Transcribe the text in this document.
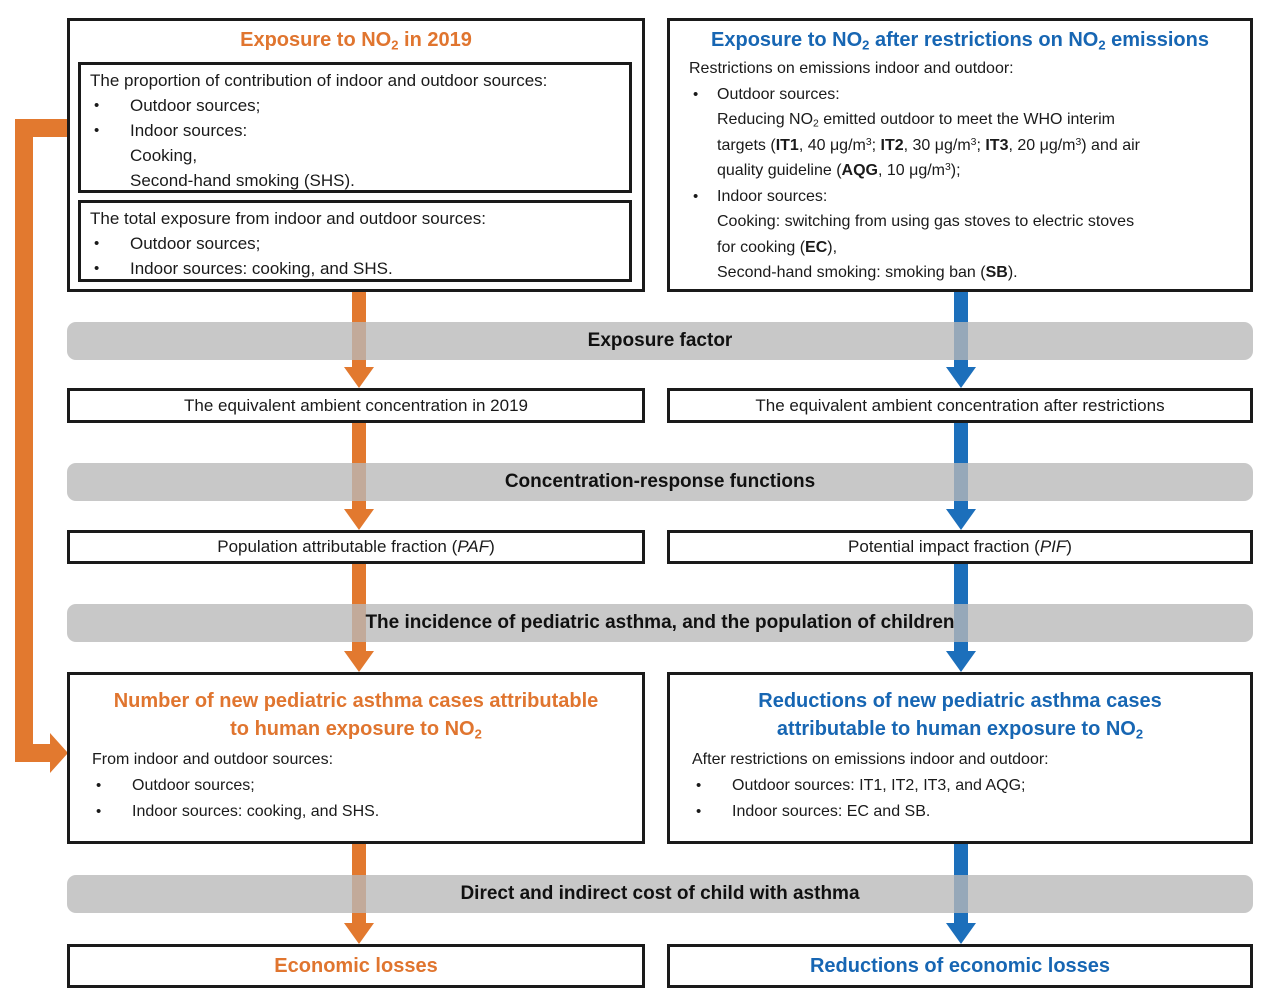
Exposure to $NO_2$ in 2019
The proportion of contribution of indoor and outdoor sources:
•	Outdoor sources;
•	Indoor sources:
Cooking,
Second-hand smoking (SHS).
The total exposure from indoor and outdoor sources:
•	Outdoor sources;
•	Indoor sources: cooking, and SHS.
Exposure to $NO_2$ after restrictions on $NO_2$ emissions
Restrictions on emissions indoor and outdoor:
•	Outdoor sources:
Reducing $NO_2$ emitted outdoor to meet the WHO interim
targets (IT1, 40 $\mu g/m^3$; IT2, 30 $\mu g/m^3$; IT3, 20 $\mu g/m^3$) and air
quality guideline (AQG, 10 $\mu g/m^3$);
•	Indoor sources:
Cooking: switching from using gas stoves to electric stoves
for cooking (EC),
Second-hand smoking: smoking ban (SB).
Exposure factor
The equivalent ambient concentration in 2019	The equivalent ambient concentration after restrictions
Concentration-response functions
Population attributable fraction (PAF)	Potential impact fraction (PIF)
The incidence of pediatric asthma, and the population of children
Number of new pediatric asthma cases attributable
to human exposure to $NO_2$
From indoor and outdoor sources:
•	Outdoor sources;
•	Indoor sources: cooking, and SHS.
Reductions of new pediatric asthma cases
attributable to human exposure to $NO_2$
After restrictions on emissions indoor and outdoor:
•	Outdoor sources: IT1, IT2, IT3, and AQG;
•	Indoor sources: EC and SB.
Direct and indirect cost of child with asthma
Economic losses	Reductions of economic losses
